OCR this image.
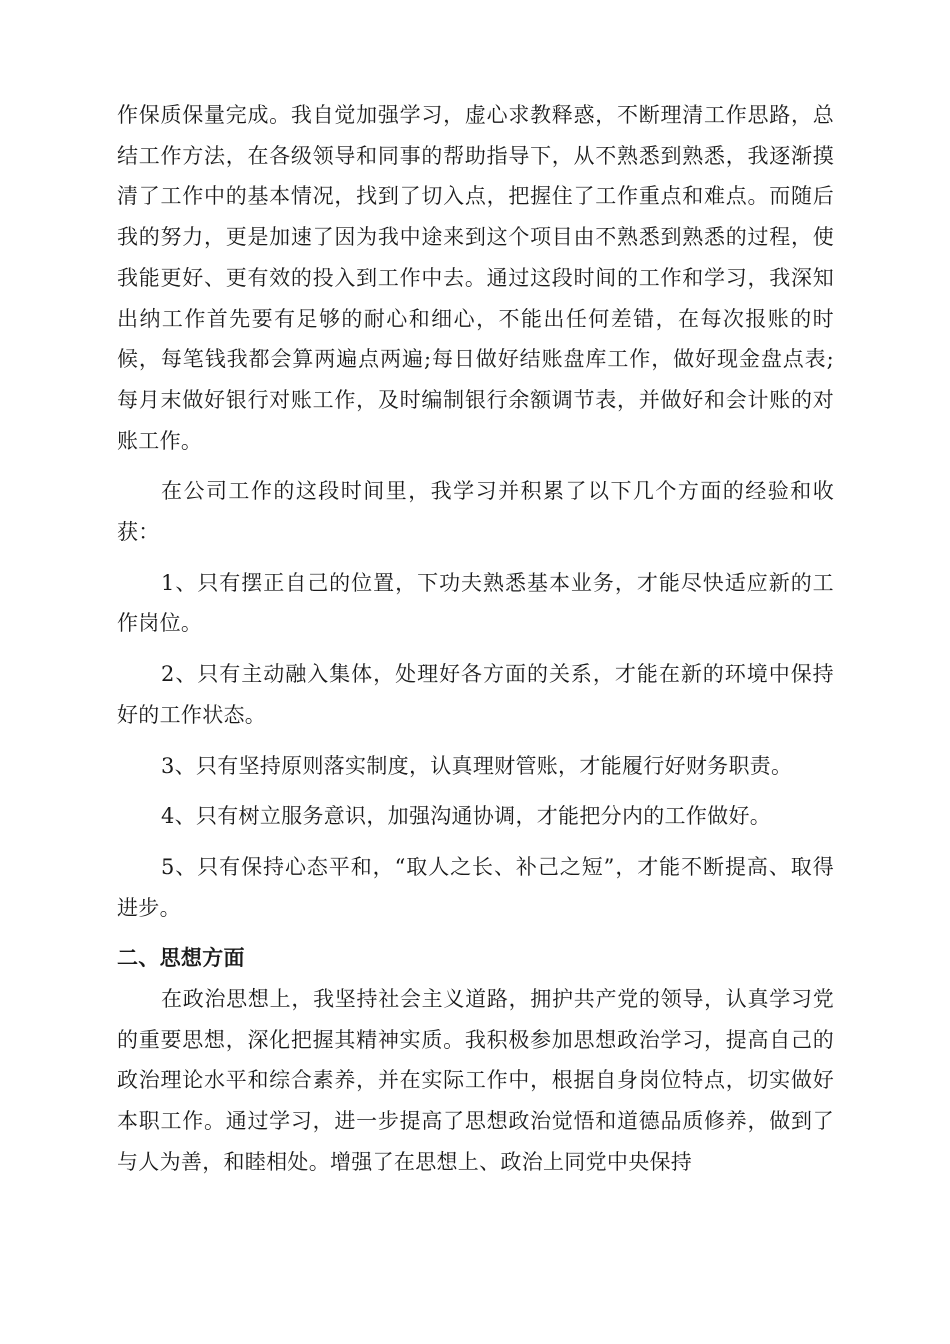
作保质保量完成。我自觉加强学习，虚心求教释惑，不断理清工作思路，总结工作方法，在各级领导和同事的帮助指导下，从不熟悉到熟悉，我逐渐摸清了工作中的基本情况，找到了切入点，把握住了工作重点和难点。而随后我的努力，更是加速了因为我中途来到这个项目由不熟悉到熟悉的过程，使我能更好、更有效的投入到工作中去。通过这段时间的工作和学习，我深知出纳工作首先要有足够的耐心和细心，不能出任何差错，在每次报账的时候，每笔钱我都会算两遍点两遍;每日做好结账盘库工作，做好现金盘点表;每月末做好银行对账工作，及时编制银行余额调节表，并做好和会计账的对账工作。

在公司工作的这段时间里，我学习并积累了以下几个方面的经验和收获：

1、只有摆正自己的位置，下功夫熟悉基本业务，才能尽快适应新的工作岗位。

2、只有主动融入集体，处理好各方面的关系，才能在新的环境中保持好的工作状态。

3、只有坚持原则落实制度，认真理财管账，才能履行好财务职责。

4、只有树立服务意识，加强沟通协调，才能把分内的工作做好。

5、只有保持心态平和，“取人之长、补己之短”，才能不断提高、取得进步。

二、思想方面

在政治思想上，我坚持社会主义道路，拥护共产党的领导，认真学习党的重要思想，深化把握其精神实质。我积极参加思想政治学习，提高自己的政治理论水平和综合素养，并在实际工作中，根据自身岗位特点，切实做好本职工作。通过学习，进一步提高了思想政治觉悟和道德品质修养，做到了与人为善，和睦相处。增强了在思想上、政治上同党中央保持
